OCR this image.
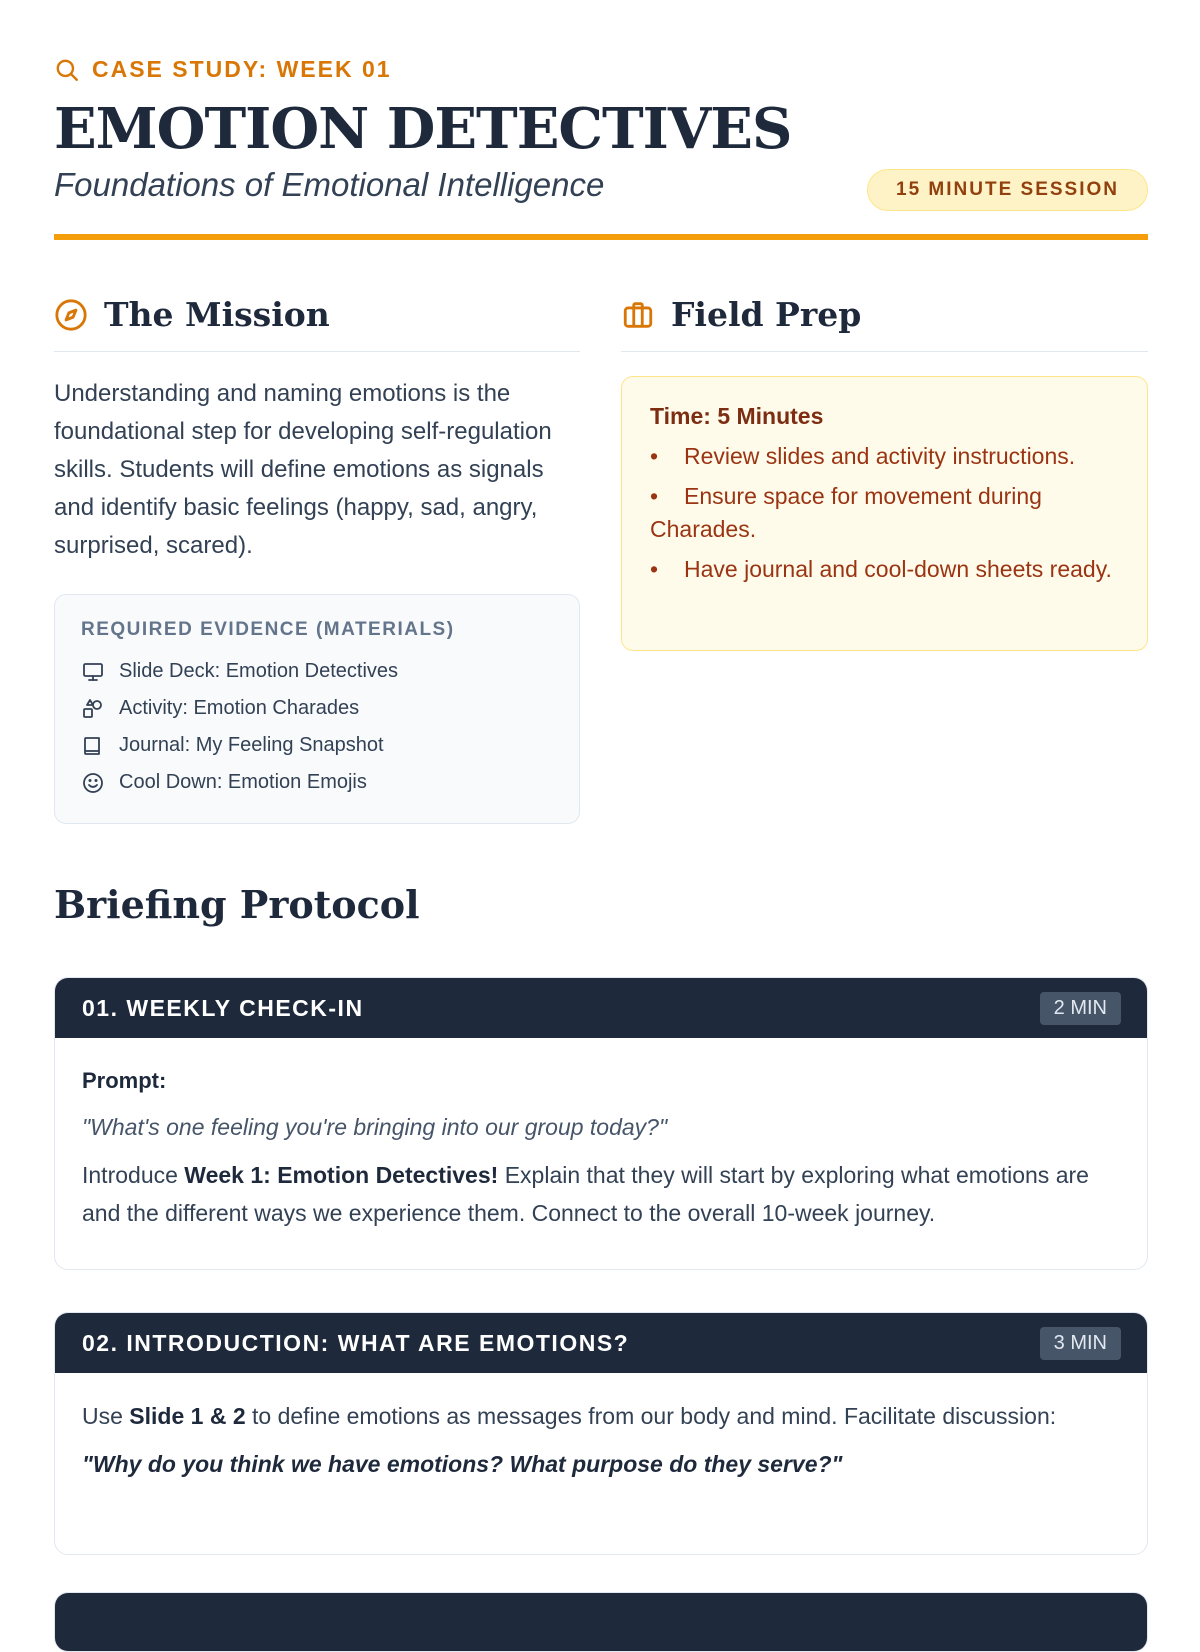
CASE STUDY: WEEK 01
EMOTION DETECTIVES

Foundations of Emotional Intelligence	15 MINUTE SESSION
The Mission

Understanding and naming emotions is the foundational step for developing self-regulation skills. Students will define emotions as signals and identify basic feelings (happy, sad, angry, surprised, scared).

REQUIRED EVIDENCE (MATERIALS)

Slide Deck: Emotion Detectives
Activity: Emotion Charades
Journal: My Feeling Snapshot
Cool Down: Emotion Emojis
Field Prep

Time: 5 Minutes

• Review slides and activity instructions.
• Ensure space for movement during Charades.
• Have journal and cool-down sheets ready.
Briefing Protocol
01. WEEKLY CHECK-IN	2 MIN

Prompt:

"What's one feeling you're bringing into our group today?"

Introduce Week 1: Emotion Detectives! Explain that they will start by exploring what emotions are and the different ways we experience them. Connect to the overall 10-week journey.

02. INTRODUCTION: WHAT ARE EMOTIONS?	3 MIN

Use Slide 1 & 2 to define emotions as messages from our body and mind. Facilitate discussion:

"Why do you think we have emotions? What purpose do they serve?"
